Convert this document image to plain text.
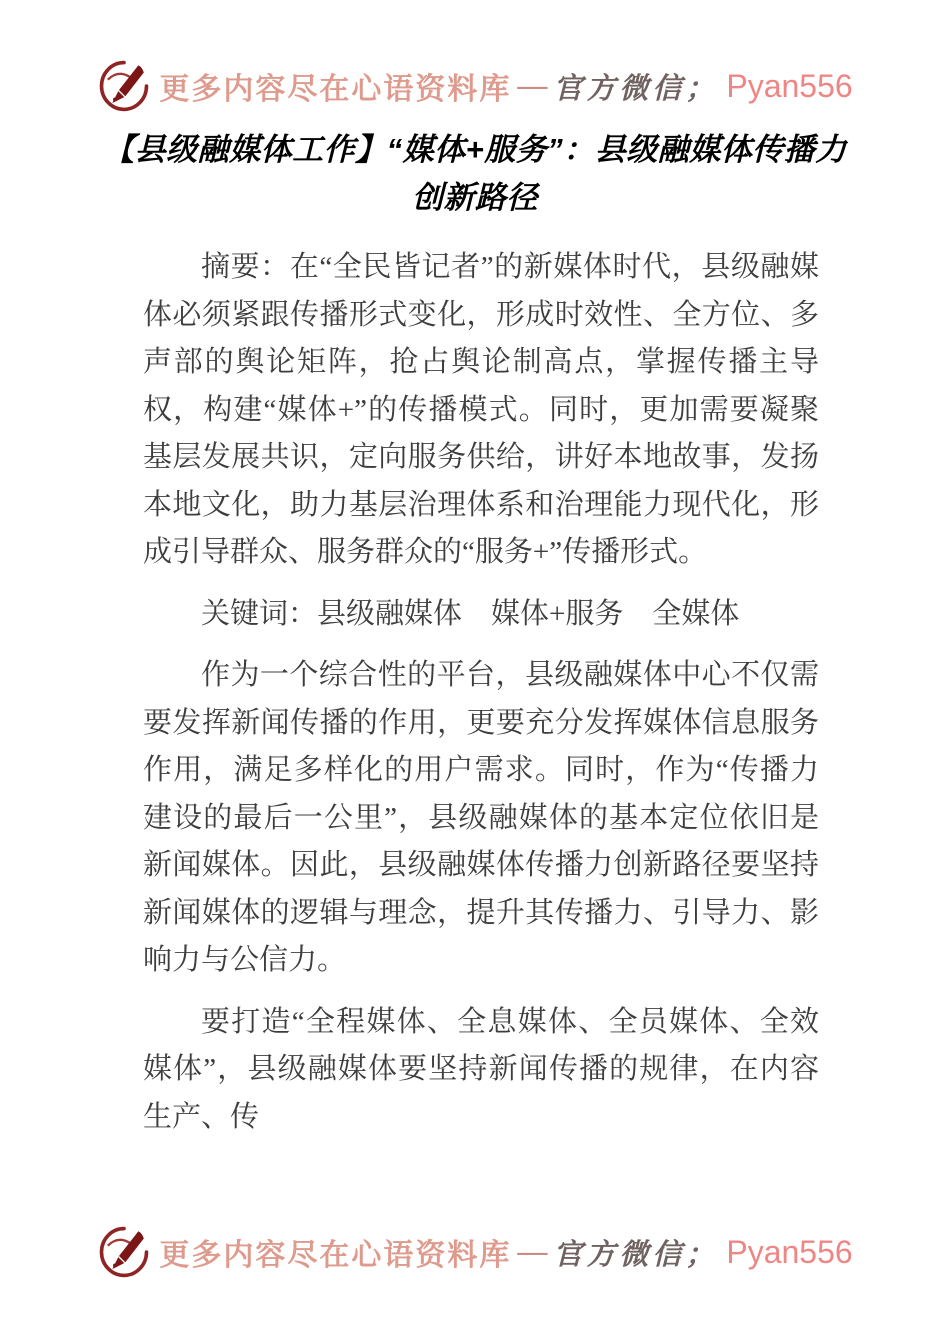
更多内容尽在心语资料库 — 官方微信； Pyan556
【县级融媒体工作】“媒体+服务”：县级融媒体传播力
创新路径

摘要：在“全民皆记者”的新媒体时代，县级融媒体必须紧跟传播形式变化，形成时效性、全方位、多声部的舆论矩阵，抢占舆论制高点，掌握传播主导权，构建“媒体+”的传播模式。同时，更加需要凝聚基层发展共识，定向服务供给，讲好本地故事，发扬本地文化，助力基层治理体系和治理能力现代化，形成引导群众、服务群众的“服务+”传播形式。

关键词：县级融媒体　媒体+服务　全媒体

作为一个综合性的平台，县级融媒体中心不仅需要发挥新闻传播的作用，更要充分发挥媒体信息服务作用，满足多样化的用户需求。同时，作为“传播力建设的最后一公里”，县级融媒体的基本定位依旧是新闻媒体。因此，县级融媒体传播力创新路径要坚持新闻媒体的逻辑与理念，提升其传播力、引导力、影响力与公信力。

要打造“全程媒体、全息媒体、全员媒体、全效媒体”，县级融媒体要坚持新闻传播的规律，在内容生产、传

更多内容尽在心语资料库 — 官方微信； Pyan556
